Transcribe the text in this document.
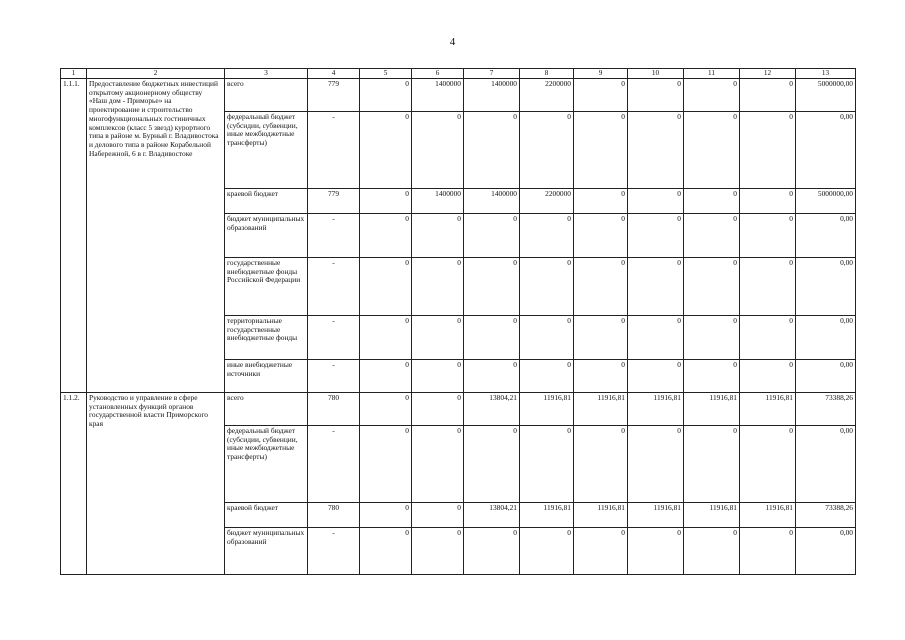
4
1	2	3	4	5	6	7	8	9	10	11	12	13
1.1.1.	Предоставление бюджетных инвестиций открытому акционерному обществу «Наш дом - Приморье» на проектирование и строительство многофункциональных гостиничных комплексов (класс 5 звезд) курортного типа в районе м. Бурный г. Владивостока и делового типа в районе Корабельной Набережной, 6 в г. Владивостоке	всего	779	0	1400000	1400000	2200000	0	0	0	0	5000000,00
		федеральный бюджет (субсидии, субвенции, иные межбюджетные трансферты)	-	0	0	0	0	0	0	0	0	0,00
		краевой бюджет	779	0	1400000	1400000	2200000	0	0	0	0	5000000,00
		бюджет муниципальных образований	-	0	0	0	0	0	0	0	0	0,00
		государственные внебюджетные фонды Российской Федерации	-	0	0	0	0	0	0	0	0	0,00
		территориальные государственные внебюджетные фонды	-	0	0	0	0	0	0	0	0	0,00
		иные внебюджетные источники	-	0	0	0	0	0	0	0	0	0,00
1.1.2.	Руководство и управление в сфере установленных функций органов государственной власти Приморского края	всего	780	0	0	13804,21	11916,81	11916,81	11916,81	11916,81	11916,81	73388,26
		федеральный бюджет (субсидии, субвенции, иные межбюджетные трансферты)	-	0	0	0	0	0	0	0	0	0,00
		краевой бюджет	780	0	0	13804,21	11916,81	11916,81	11916,81	11916,81	11916,81	73388,26
		бюджет муниципальных образований	-	0	0	0	0	0	0	0	0	0,00
